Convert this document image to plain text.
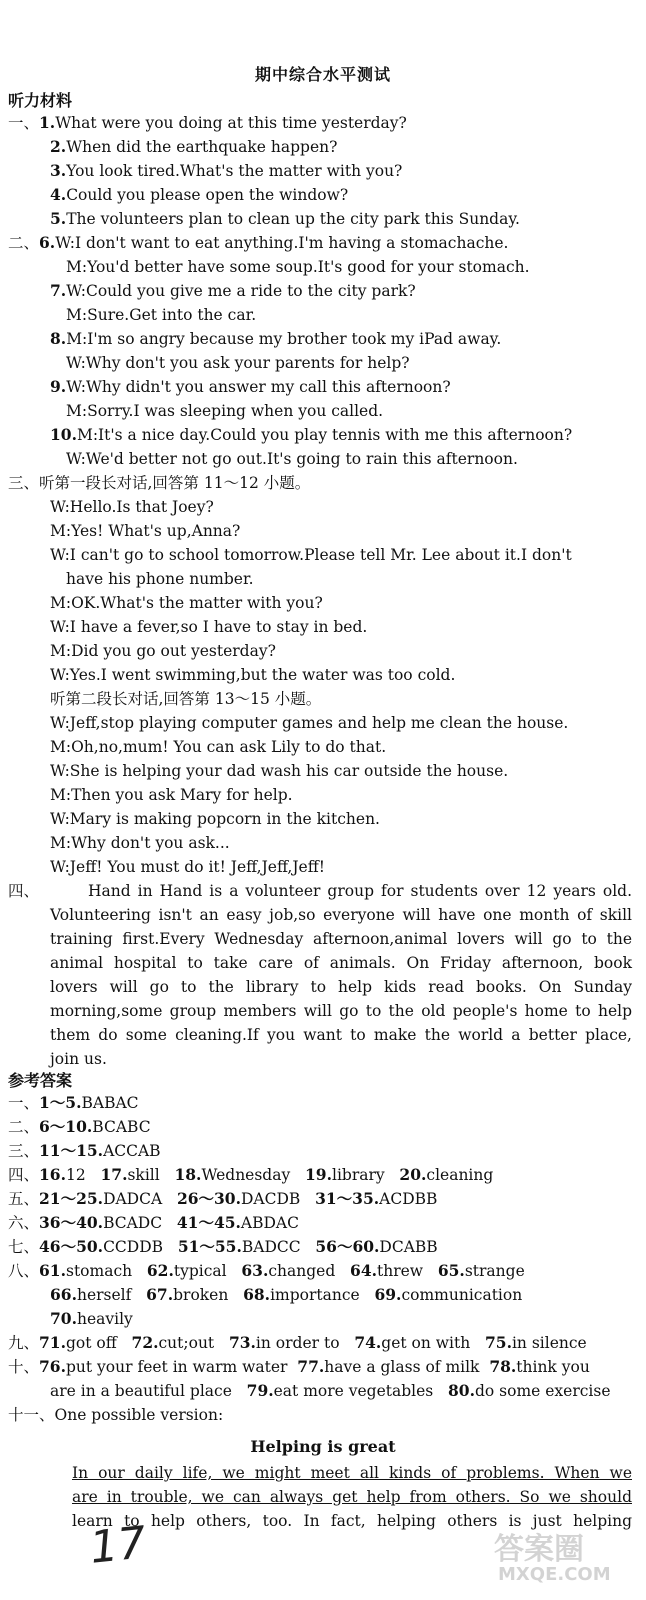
期中综合水平测试
听力材料
一、1.What were you doing at this time yesterday?
2.When did the earthquake happen?
3.You look tired.What's the matter with you?
4.Could you please open the window?
5.The volunteers plan to clean up the city park this Sunday.
二、6.W:I don't want to eat anything.I'm having a stomachache.
M:You'd better have some soup.It's good for your stomach.
7.W:Could you give me a ride to the city park?
M:Sure.Get into the car.
8.M:I'm so angry because my brother took my iPad away.
W:Why don't you ask your parents for help?
9.W:Why didn't you answer my call this afternoon?
M:Sorry.I was sleeping when you called.
10.M:It's a nice day.Could you play tennis with me this afternoon?
W:We'd better not go out.It's going to rain this afternoon.
三、听第一段长对话,回答第 11～12 小题。
W:Hello.Is that Joey?
M:Yes! What's up,Anna?
W:I can't go to school tomorrow.Please tell Mr. Lee about it.I don't
have his phone number.
M:OK.What's the matter with you?
W:I have a fever,so I have to stay in bed.
M:Did you go out yesterday?
W:Yes.I went swimming,but the water was too cold.
听第二段长对话,回答第 13～15 小题。
W:Jeff,stop playing computer games and help me clean the house.
M:Oh,no,mum! You can ask Lily to do that.
W:She is helping your dad wash his car outside the house.
M:Then you ask Mary for help.
W:Mary is making popcorn in the kitchen.
M:Why don't you ask...
W:Jeff! You must do it! Jeff,Jeff,Jeff!
四、	Hand in Hand is a volunteer group for students over 12 years old.
Volunteering isn't an easy job,so everyone will have one month of skill
training first.Every Wednesday afternoon,animal lovers will go to the
animal hospital to take care of animals. On Friday afternoon, book
lovers will go to the library to help kids read books. On Sunday
morning,some group members will go to the old people's home to help
them do some cleaning.If you want to make the world a better place,
join us.
参考答案
一、1～5.BABAC
二、6～10.BCABC
三、11～15.ACCAB
四、16.12   17.skill   18.Wednesday   19.library   20.cleaning
五、21～25.DADCA   26～30.DACDB   31～35.ACDBB
六、36～40.BCADC   41～45.ABDAC
七、46～50.CCDDB   51～55.BADCC   56～60.DCABB
八、61.stomach   62.typical   63.changed   64.threw   65.strange
66.herself   67.broken   68.importance   69.communication
70.heavily
九、71.got off   72.cut;out   73.in order to   74.get on with   75.in silence
十、76.put your feet in warm water  77.have a glass of milk  78.think you
are in a beautiful place   79.eat more vegetables   80.do some exercise
十一、One possible version:
Helping is great
In our daily life, we might meet all kinds of problems. When we
are in trouble, we can always get help from others. So we should
learn to help others, too. In fact, helping others is just helping
17	答案圈
MXQE.COM
